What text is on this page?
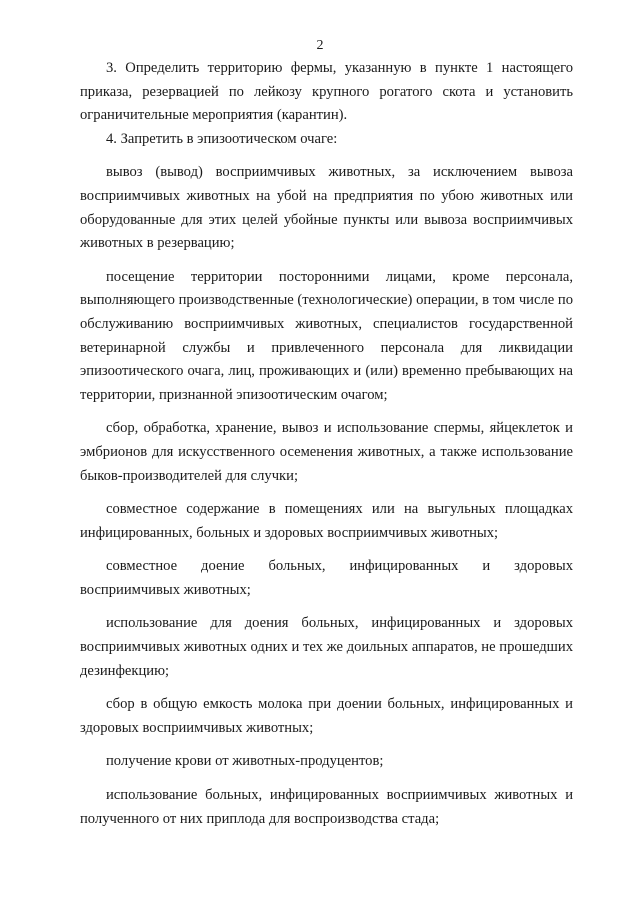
2

3. Определить территорию фермы, указанную в пункте 1 настоящего приказа, резервацией по лейкозу крупного рогатого скота и установить ограничительные мероприятия (карантин).

4. Запретить в эпизоотическом очаге:

вывоз (вывод) восприимчивых животных, за исключением вывоза восприимчивых животных на убой на предприятия по убою животных или оборудованные для этих целей убойные пункты или вывоза восприимчивых животных в резервацию;

посещение территории посторонними лицами, кроме персонала, выполняющего производственные (технологические) операции, в том числе по обслуживанию восприимчивых животных, специалистов государственной ветеринарной службы и привлеченного персонала для ликвидации эпизоотического очага, лиц, проживающих и (или) временно пребывающих на территории, признанной эпизоотическим очагом;

сбор, обработка, хранение, вывоз и использование спермы, яйцеклеток и эмбрионов для искусственного осеменения животных, а также использование быков-производителей для случки;

совместное содержание в помещениях или на выгульных площадках инфицированных, больных и здоровых восприимчивых животных;

совместное доение больных, инфицированных и здоровых восприимчивых животных;

использование для доения больных, инфицированных и здоровых восприимчивых животных одних и тех же доильных аппаратов, не прошедших дезинфекцию;

сбор в общую емкость молока при доении больных, инфицированных и здоровых восприимчивых животных;

получение крови от животных-продуцентов;

использование больных, инфицированных восприимчивых животных и полученного от них приплода для воспроизводства стада;
